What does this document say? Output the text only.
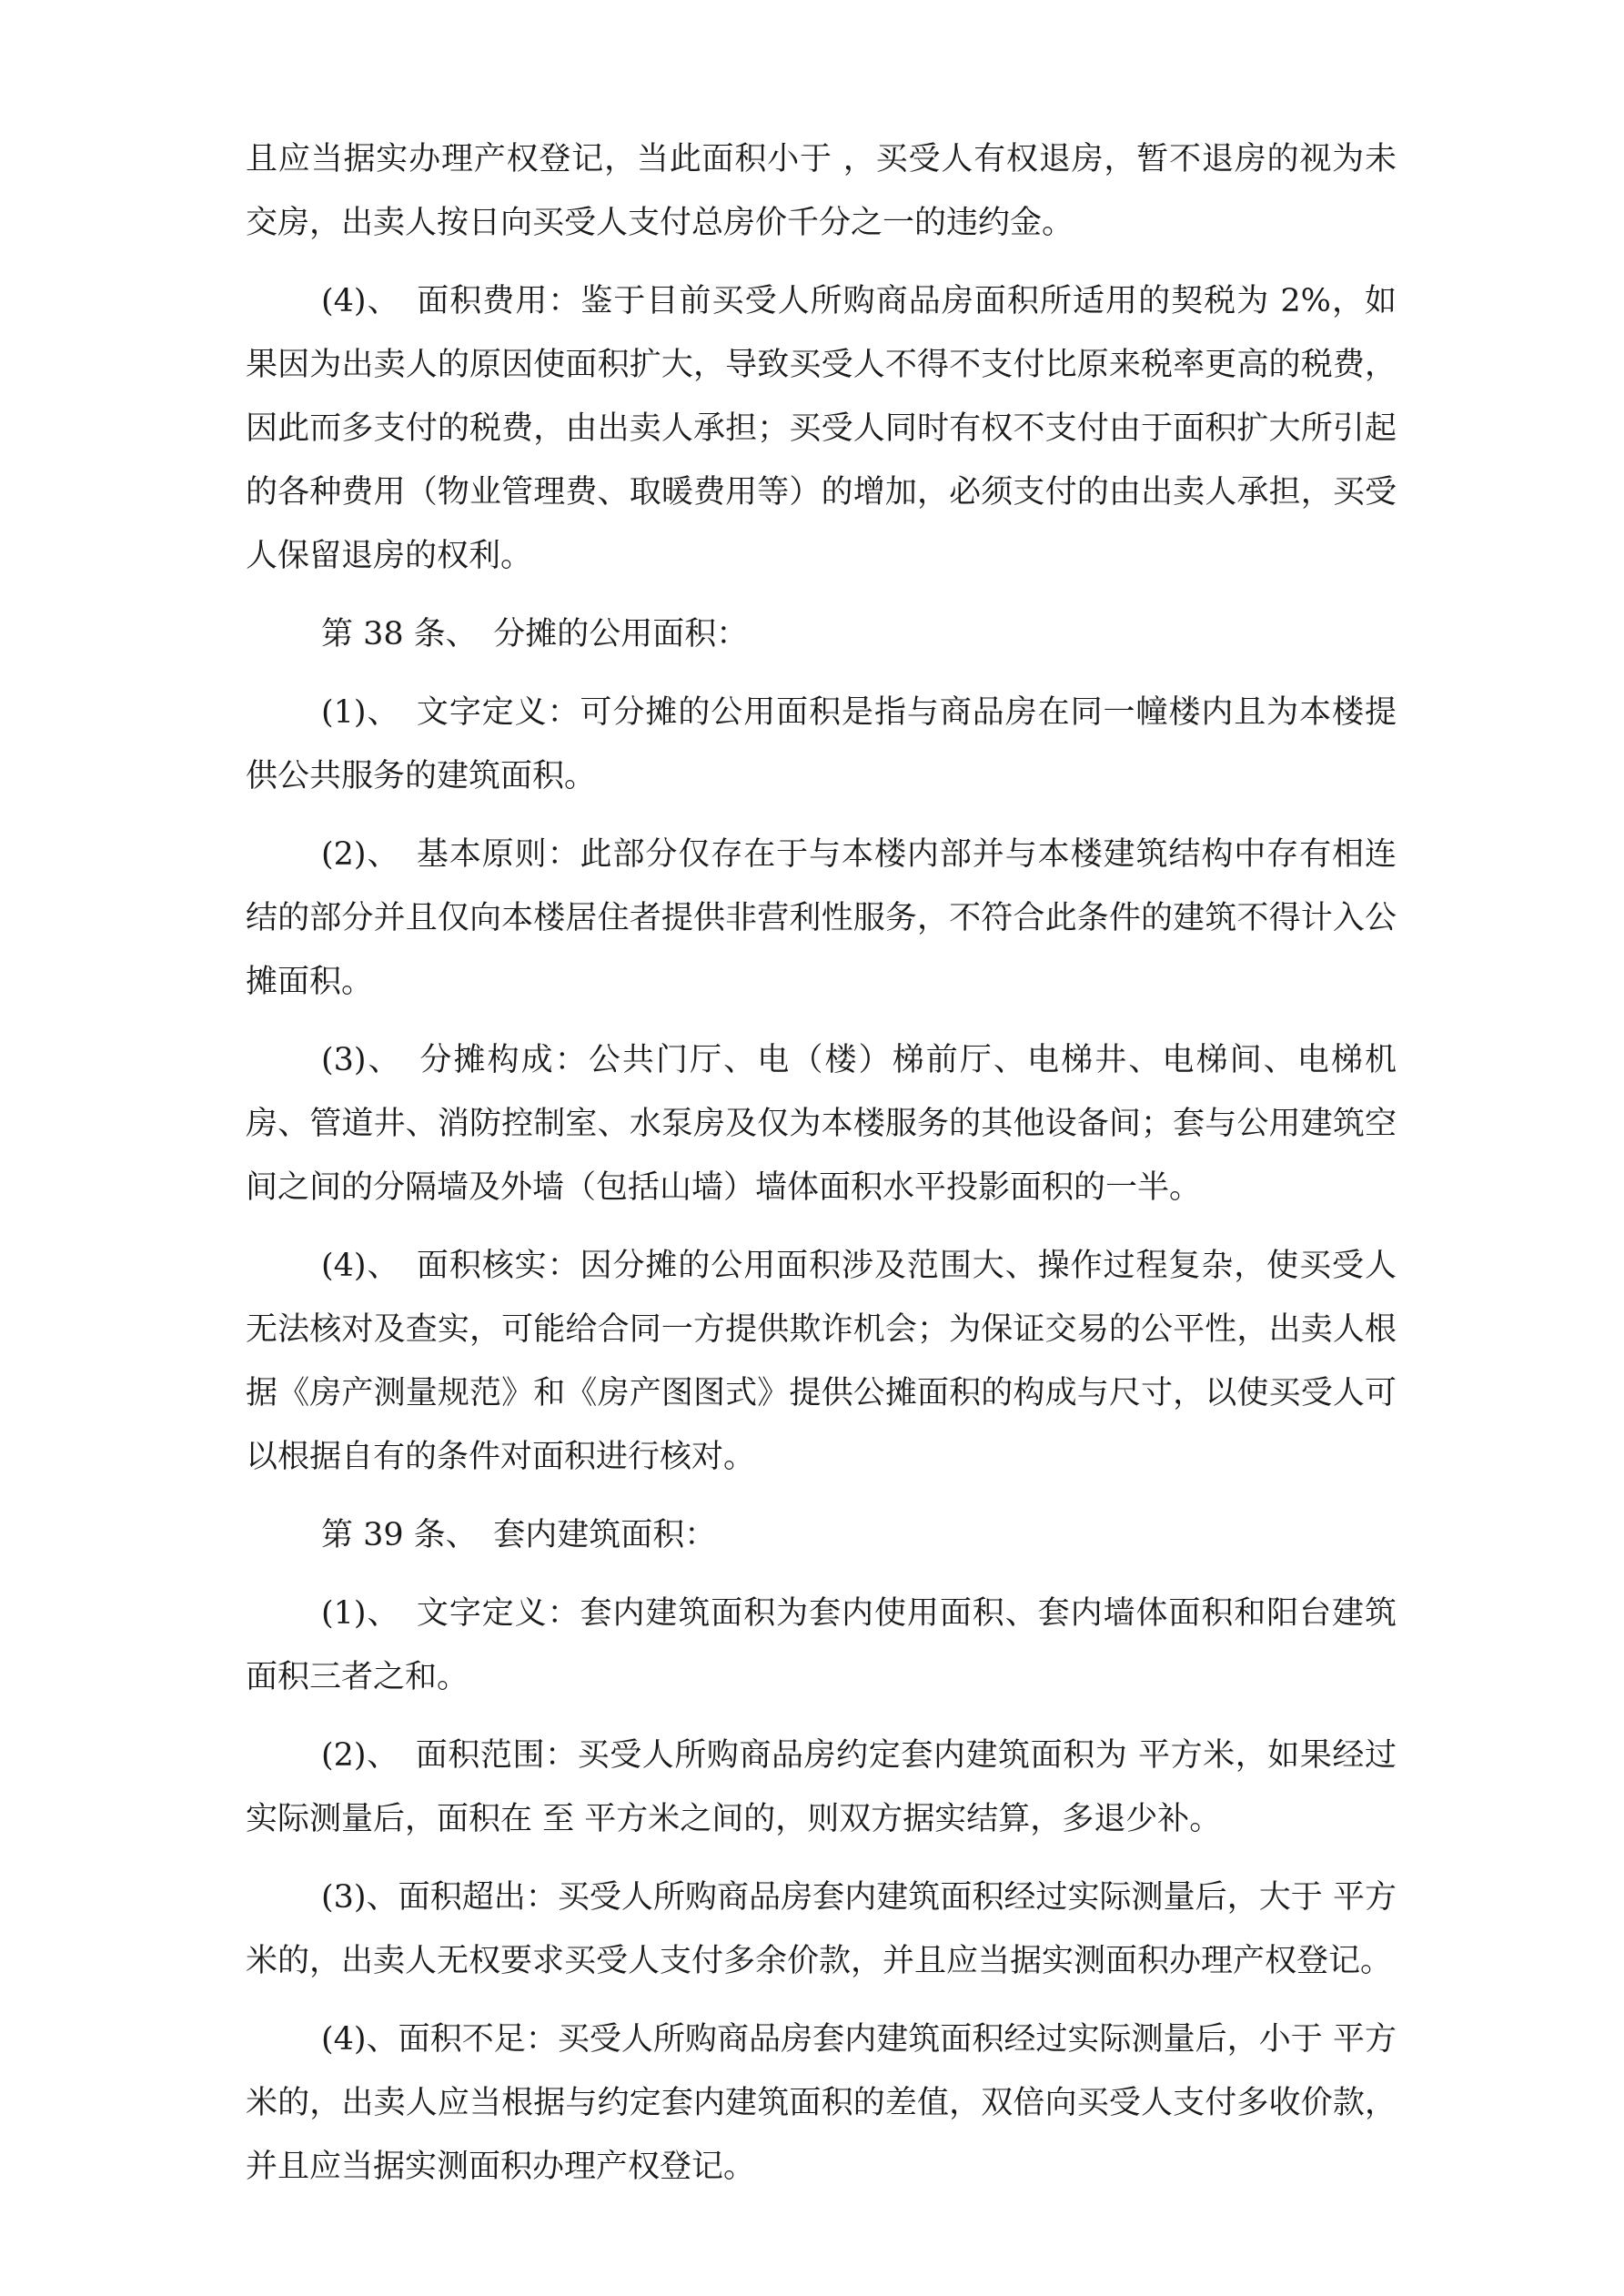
且应当据实办理产权登记，当此面积小于 ，买受人有权退房，暂不退房的视为未交房，出卖人按日向买受人支付总房价千分之一的违约金。

(4)、　面积费用：鉴于目前买受人所购商品房面积所适用的契税为 2%，如果因为出卖人的原因使面积扩大，导致买受人不得不支付比原来税率更高的税费，因此而多支付的税费，由出卖人承担；买受人同时有权不支付由于面积扩大所引起的各种费用（物业管理费、取暖费用等）的增加，必须支付的由出卖人承担，买受人保留退房的权利。

第 38 条、　分摊的公用面积：

(1)、　文字定义：可分摊的公用面积是指与商品房在同一幢楼内且为本楼提供公共服务的建筑面积。

(2)、　基本原则：此部分仅存在于与本楼内部并与本楼建筑结构中存有相连结的部分并且仅向本楼居住者提供非营利性服务，不符合此条件的建筑不得计入公摊面积。

(3)、　分摊构成：公共门厅、电（楼）梯前厅、电梯井、电梯间、电梯机房、管道井、消防控制室、水泵房及仅为本楼服务的其他设备间；套与公用建筑空间之间的分隔墙及外墙（包括山墙）墙体面积水平投影面积的一半。

(4)、　面积核实：因分摊的公用面积涉及范围大、操作过程复杂，使买受人无法核对及查实，可能给合同一方提供欺诈机会；为保证交易的公平性，出卖人根据《房产测量规范》和《房产图图式》提供公摊面积的构成与尺寸，以使买受人可以根据自有的条件对面积进行核对。

第 39 条、　套内建筑面积：

(1)、　文字定义：套内建筑面积为套内使用面积、套内墙体面积和阳台建筑面积三者之和。

(2)、　面积范围：买受人所购商品房约定套内建筑面积为 平方米，如果经过实际测量后，面积在 至 平方米之间的，则双方据实结算，多退少补。

(3)、面积超出：买受人所购商品房套内建筑面积经过实际测量后，大于 平方米的，出卖人无权要求买受人支付多余价款，并且应当据实测面积办理产权登记。

(4)、面积不足：买受人所购商品房套内建筑面积经过实际测量后，小于 平方米的，出卖人应当根据与约定套内建筑面积的差值，双倍向买受人支付多收价款，并且应当据实测面积办理产权登记。
